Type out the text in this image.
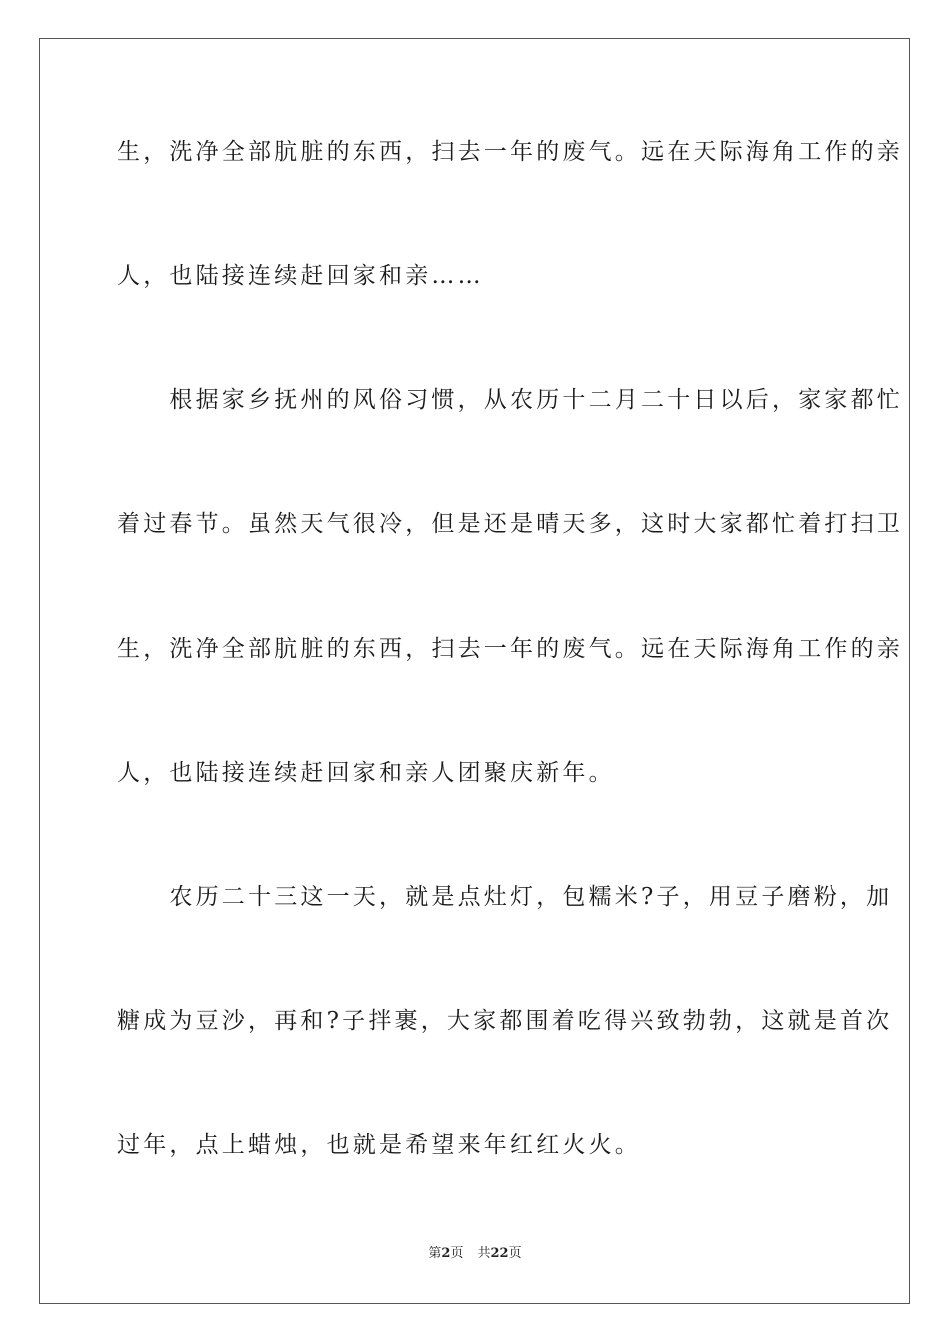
生，洗净全部肮脏的东西，扫去一年的废气。远在天际海角工作的亲
人，也陆接连续赶回家和亲……
　　根据家乡抚州的风俗习惯，从农历十二月二十日以后，家家都忙
着过春节。虽然天气很冷，但是还是晴天多，这时大家都忙着打扫卫
生，洗净全部肮脏的东西，扫去一年的废气。远在天际海角工作的亲
人，也陆接连续赶回家和亲人团聚庆新年。
　　农历二十三这一天，就是点灶灯，包糯米?子，用豆子磨粉，加
糖成为豆沙，再和?子拌裹，大家都围着吃得兴致勃勃，这就是首次
过年，点上蜡烛，也就是希望来年红红火火。
第2页 共22页
